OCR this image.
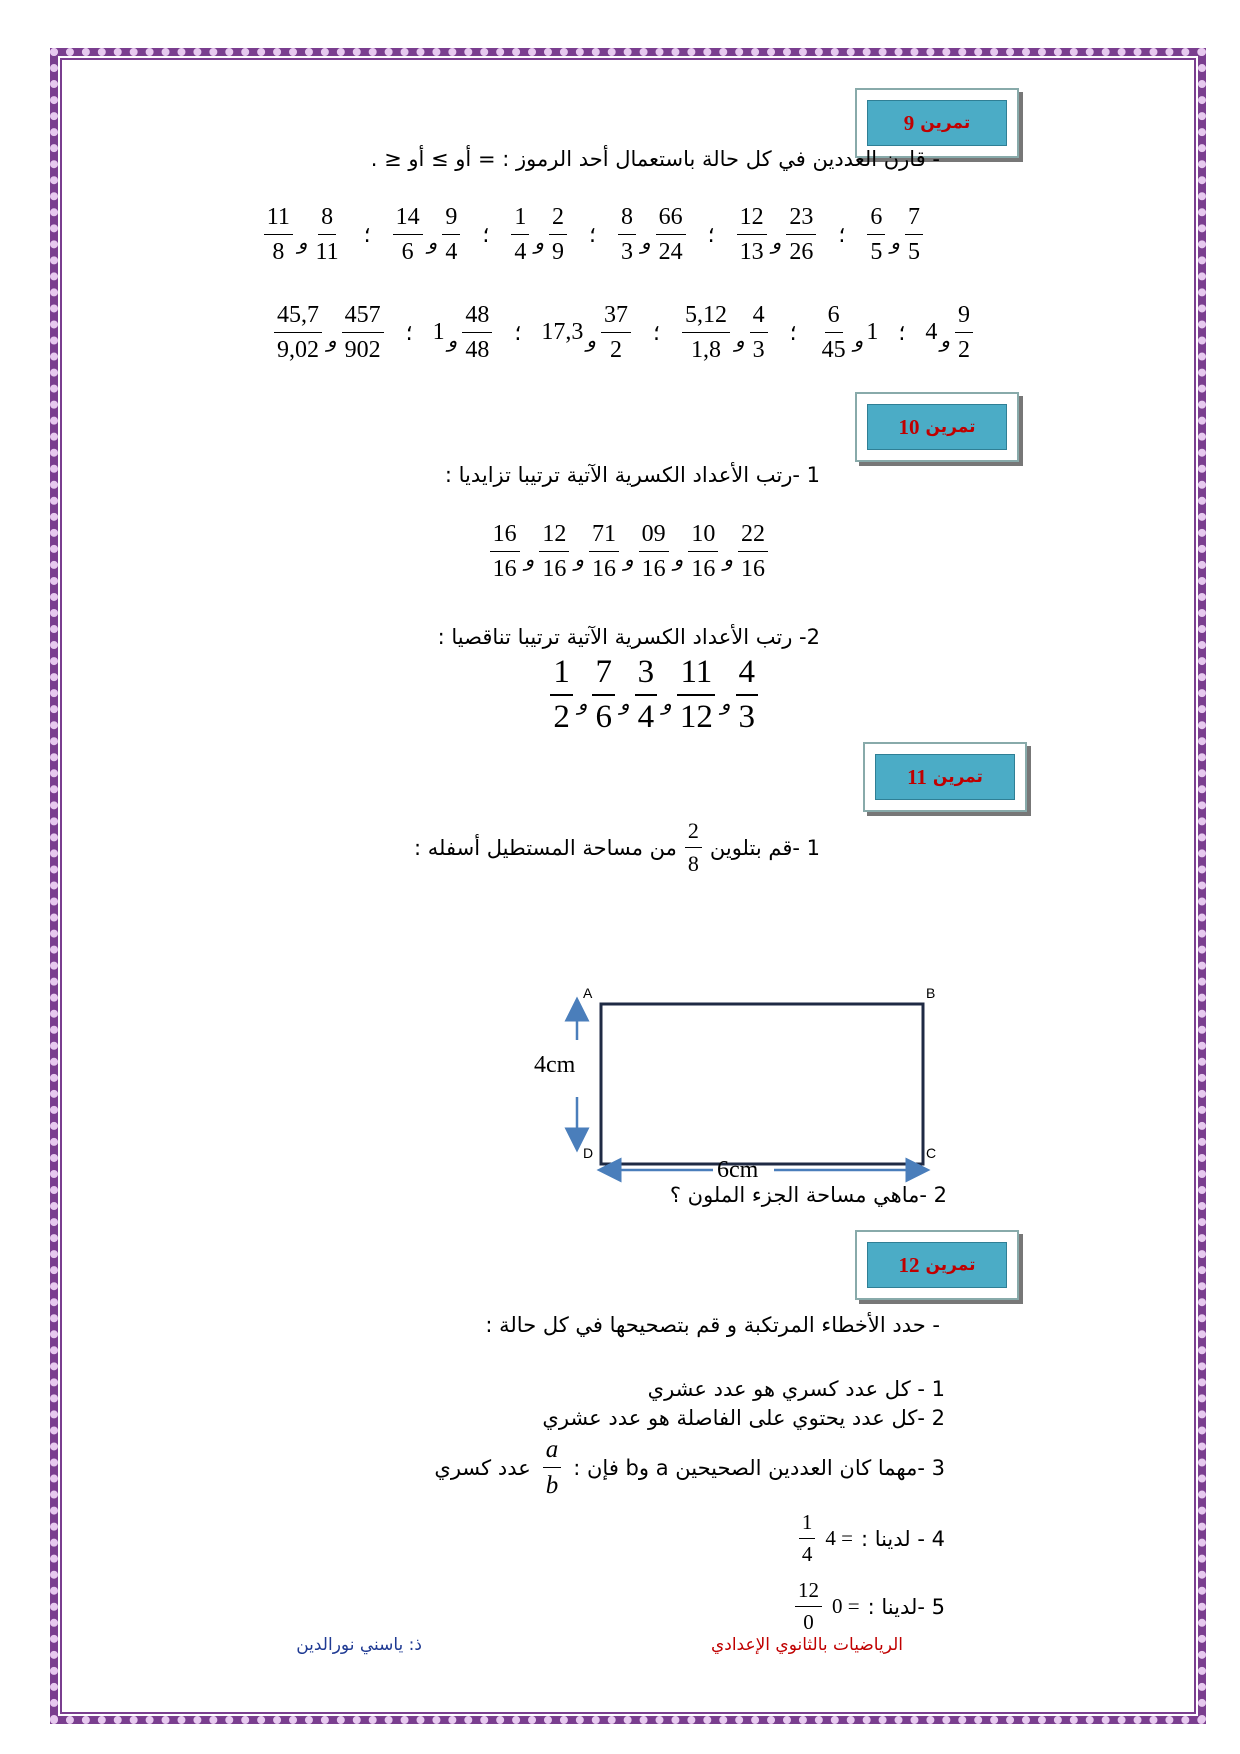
تمرين
9
- قارن العددين في كل حالة باستعمال أحد الرموز : = أو ≥ أو ≤ .
$\frac{7}{5}$
و
$\frac{6}{5}$
؛
$\frac{23}{26}$
و
$\frac{12}{13}$
؛
$\frac{66}{24}$
و
$\frac{8}{3}$
؛
$\frac{2}{9}$
و
$\frac{1}{4}$
؛
$\frac{9}{4}$
و
$\frac{14}{6}$
؛
$\frac{8}{11}$
و
$\frac{11}{8}$
$\frac{9}{2}$
و
4
؛
1
و
$\frac{6}{45}$
؛
$\frac{4}{3}$
و
$\frac{5,12}{1,8}$
؛
$\frac{37}{2}$
و
17,3
؛
$\frac{48}{48}$
و
1
؛
$\frac{457}{902}$
و
$\frac{45,7}{9,02}$
تمرين
10
1 -رتب الأعداد الكسرية الآتية ترتيبا تزايديا :
$\frac{22}{16}$
و
$\frac{10}{16}$
و
$\frac{09}{16}$
و
$\frac{71}{16}$
و
$\frac{12}{16}$
و
$\frac{16}{16}$
2- رتب الأعداد الكسرية الآتية ترتيبا تناقصيا :
$\frac{4}{3}$
و
$\frac{11}{12}$
و
$\frac{3}{4}$
و
$\frac{7}{6}$
و
$\frac{1}{2}$
تمرين
11
1 -قم بتلوين
$\frac{2}{8}$
من مساحة المستطيل أسفله :
A	B
C
D
4cm
6cm
2 -ماهي مساحة الجزء الملون ؟
تمرين
12
- حدد الأخطاء المرتكبة و قم بتصحيحها في كل حالة :
1 - كل عدد كسري هو عدد عشري
2 -كل عدد يحتوي على الفاصلة هو عدد عشري
3 -مهما كان العددين الصحيحين a وb فإن :
$\frac{a}{b}$
عدد كسري
4 - لدينا :
= 4
$\frac{1}{4}$
5 -لدينا :
= 0
$\frac{12}{0}$
الرياضيات بالثانوي الإعدادي
ذ: ياسني نورالدين
